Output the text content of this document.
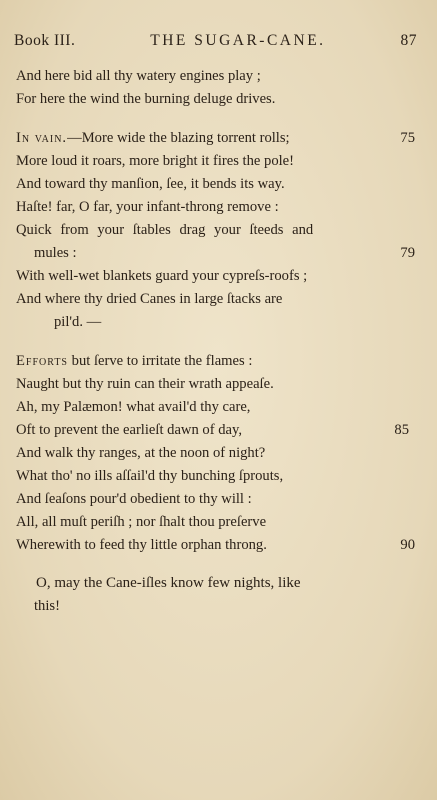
Book III.	THE SUGAR-CANE.	87
And here bid all thy watery engines play ;
For here the wind the burning deluge drives.
In vain.—More wide the blazing torrent rolls;	75
More loud it roars, more bright it fires the pole!
And toward thy manſion, ſee, it bends its way.
Haſte! far, O far, your infant-throng remove :
Quick from your ſtables drag your ſteeds and
mules :	79
With well-wet blankets guard your cypreſs-roofs ;
And where thy dried Canes in large ſtacks are
pil'd. —
Efforts but ſerve to irritate the flames :
Naught but thy ruin can their wrath appeaſe.
Ah, my Palæmon! what avail'd thy care,
Oft to prevent the earlieſt dawn of day,	85
And walk thy ranges, at the noon of night?
What tho' no ills aſſail'd thy bunching ſprouts,
And ſeaſons pour'd obedient to thy will :
All, all muſt periſh ; nor ſhalt thou preſerve
Wherewith to feed thy little orphan throng.	90
O, may the Cane-iſles know few nights, like
this!
